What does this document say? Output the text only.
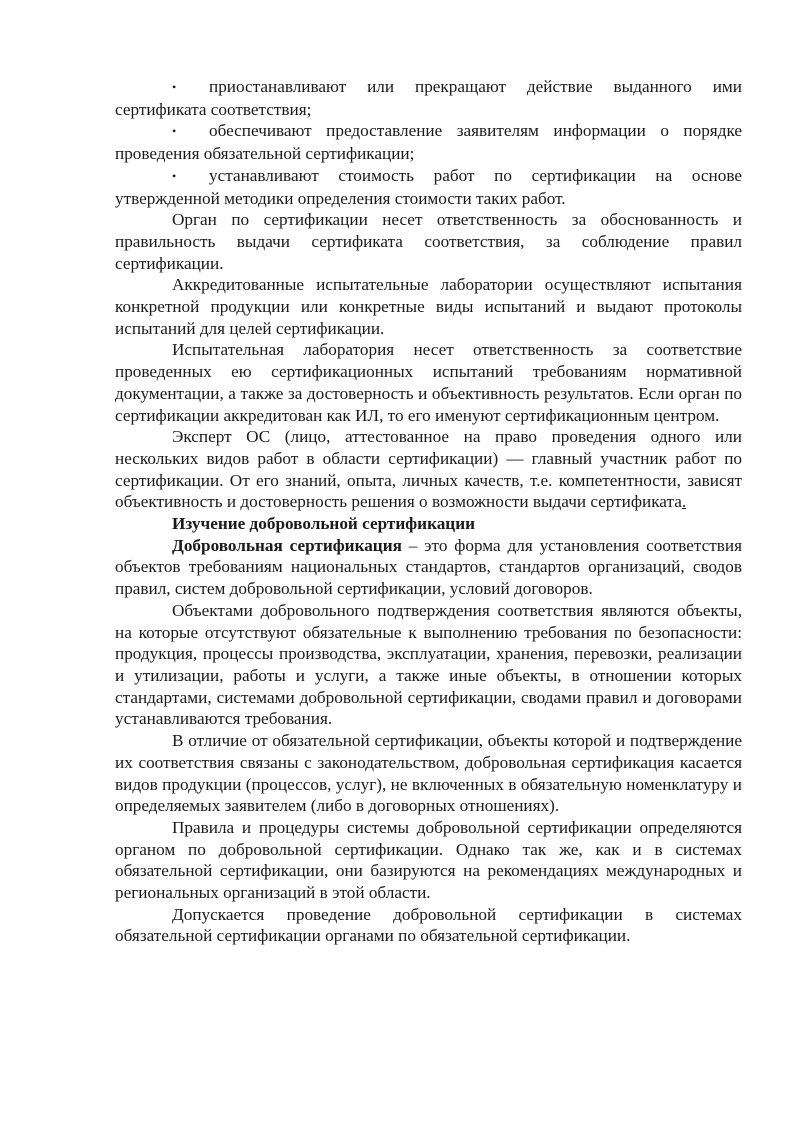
• приостанавливают или прекращают действие выданного ими сертификата соответствия;

• обеспечивают предоставление заявителям информации о порядке проведения обязательной сертификации;

• устанавливают стоимость работ по сертификации на основе утвержденной методики определения стоимости таких работ.

Орган по сертификации несет ответственность за обоснованность и правильность выдачи сертификата соответствия, за соблюдение правил сертификации.

Аккредитованные испытательные лаборатории осуществляют испытания конкретной продукции или конкретные виды испытаний и выдают протоколы испытаний для целей сертификации.

Испытательная лаборатория несет ответственность за соответствие проведенных ею сертификационных испытаний требованиям нормативной документации, а также за достоверность и объективность результатов. Если орган по сертификации аккредитован как ИЛ, то его именуют сертификационным центром.

Эксперт ОС (лицо, аттестованное на право проведения одного или нескольких видов работ в области сертификации) — главный участник работ по сертификации. От его знаний, опыта, личных качеств, т.е. компетентности, зависят объективность и достоверность решения о возможности выдачи сертификата.

Изучение добровольной сертификации

Добровольная сертификация – это форма для установления соответствия объектов требованиям национальных стандартов, стандартов организаций, сводов правил, систем добровольной сертификации, условий договоров.

Объектами добровольного подтверждения соответствия являются объекты, на которые отсутствуют обязательные к выполнению требования по безопасности: продукция, процессы производства, эксплуатации, хранения, перевозки, реализации и утилизации, работы и услуги, а также иные объекты, в отношении которых стандартами, системами добровольной сертификации, сводами правил и договорами устанавливаются требования.

В отличие от обязательной сертификации, объекты которой и подтверждение их соответствия связаны с законодательством, добровольная сертификация касается видов продукции (процессов, услуг), не включенных в обязательную номенклатуру и определяемых заявителем (либо в договорных отношениях).

Правила и процедуры системы добровольной сертификации определяются органом по добровольной сертификации. Однако так же, как и в системах обязательной сертификации, они базируются на рекомендациях международных и региональных организаций в этой области.

Допускается проведение добровольной сертификации в системах обязательной сертификации органами по обязательной сертификации.
